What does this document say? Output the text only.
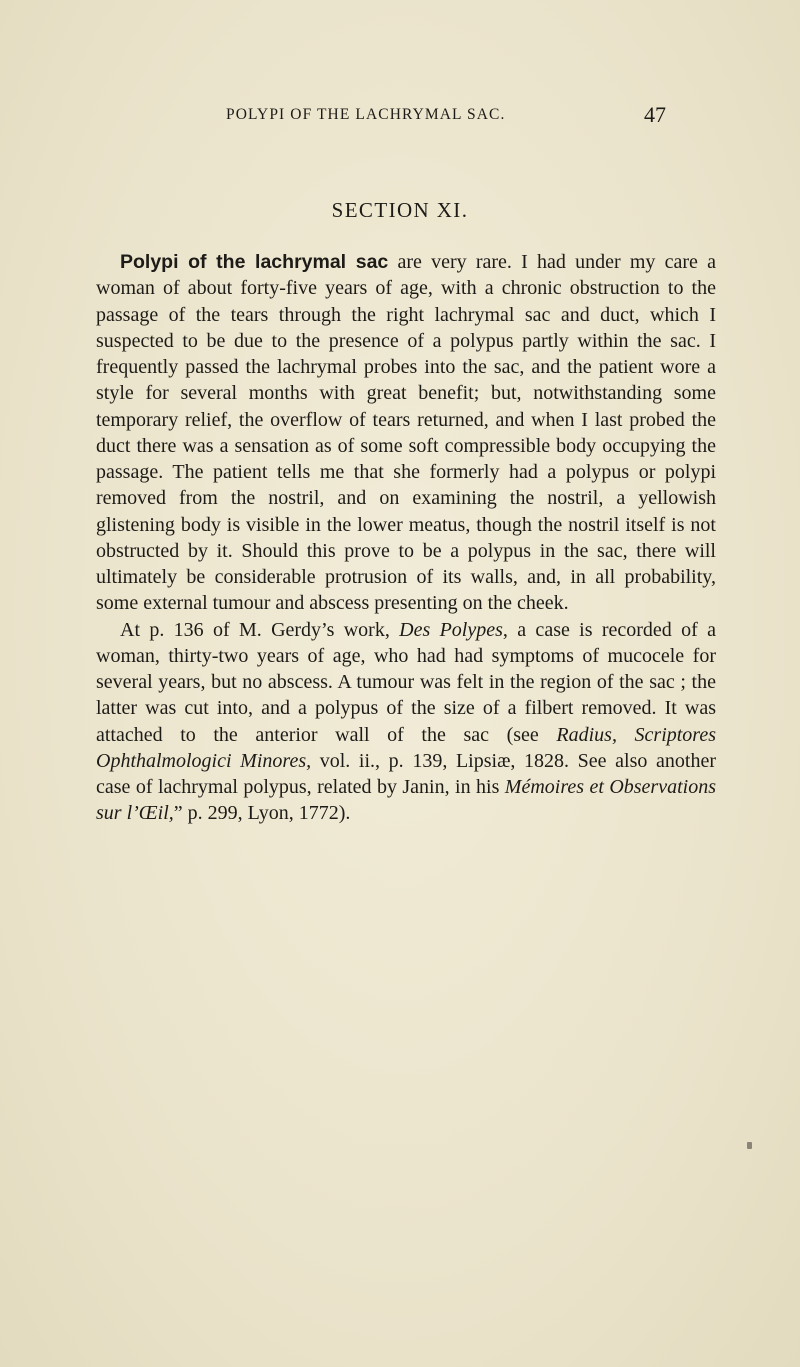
POLYPI OF THE LACHRYMAL SAC.	47
SECTION XI.

Polypi of the lachrymal sac are very rare. I had under my care a woman of about forty-five years of age, with a chronic obstruction to the passage of the tears through the right lachrymal sac and duct, which I suspected to be due to the presence of a polypus partly within the sac. I frequently passed the lachrymal probes into the sac, and the patient wore a style for several months with great benefit; but, notwithstanding some temporary relief, the overflow of tears returned, and when I last probed the duct there was a sensation as of some soft compressible body occupying the passage. The patient tells me that she formerly had a polypus or polypi removed from the nostril, and on examining the nostril, a yellowish glistening body is visible in the lower meatus, though the nostril itself is not obstructed by it. Should this prove to be a polypus in the sac, there will ultimately be considerable protrusion of its walls, and, in all probability, some external tumour and abscess presenting on the cheek.

At p. 136 of M. Gerdy’s work, Des Polypes, a case is recorded of a woman, thirty-two years of age, who had had symptoms of mucocele for several years, but no abscess. A tumour was felt in the region of the sac ; the latter was cut into, and a polypus of the size of a filbert removed. It was attached to the anterior wall of the sac (see Radius, Scriptores Ophthalmologici Minores, vol. ii., p. 139, Lipsiæ, 1828. See also another case of lachrymal polypus, related by Janin, in his Mémoires et Observations sur l’Œil,” p. 299, Lyon, 1772).
